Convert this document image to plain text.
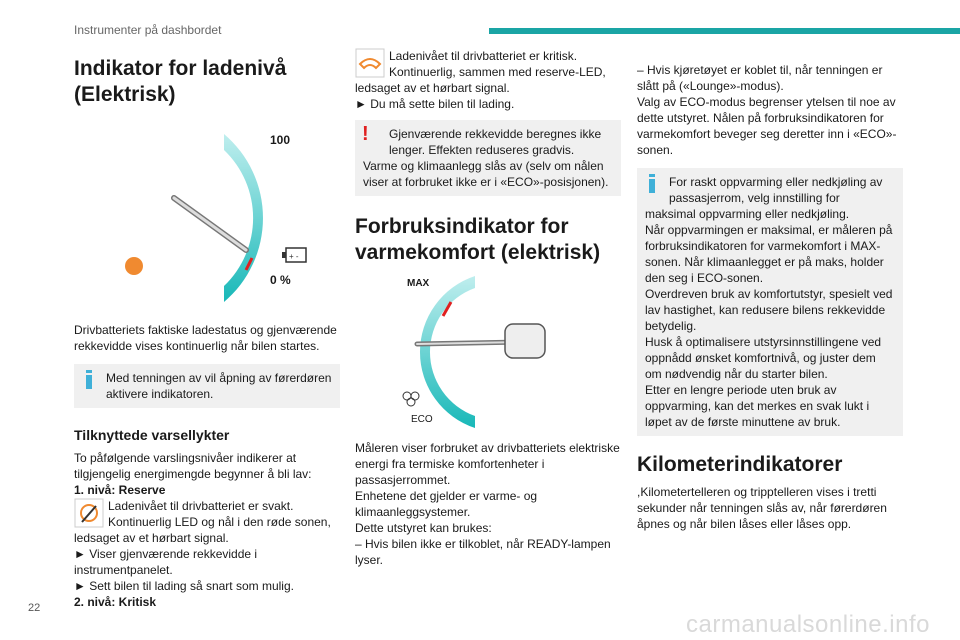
Instrumenter på dashbordet
Indikator for ladenivå (Elektrisk)
100
0 %
+ -

Drivbatteriets faktiske ladestatus og gjenværende rekkevidde vises kontinuerlig når bilen startes.

Med tenningen av vil åpning av førerdøren aktivere indikatoren.

Tilknyttede varsellykter

To påfølgende varslingsnivåer indikerer at tilgjengelig energimengde begynner å bli lav:

1. nivå: Reserve

Ladenivået til drivbatteriet er svakt.

Kontinuerlig LED og nål i den røde sonen,

ledsaget av et hørbart signal.

► Viser gjenværende rekkevidde i instrumentpanelet.

► Sett bilen til lading så snart som mulig.

2. nivå: Kritisk

Ladenivået til drivbatteriet er kritisk.

Kontinuerlig, sammen med reserve-LED,

ledsaget av et hørbart signal.

► Du må sette bilen til lading.

!	Gjenværende rekkevidde beregnes ikke

lenger. Effekten reduseres gradvis.

Varme og klimaanlegg slås av (selv om nålen viser at forbruket ikke er i «ECO»-posisjonen).

Forbruksindikator for varmekomfort (elektrisk)
MAX
ECO

Måleren viser forbruket av drivbatteriets elektriske energi fra termiske komfortenheter i passasjerrommet.

Enhetene det gjelder er varme- og klimaanleggsystemer.

Dette utstyret kan brukes:

– Hvis bilen ikke er tilkoblet, når READY-lampen lyser.

– Hvis kjøretøyet er koblet til, når tenningen er slått på («Lounge»-modus).

Valg av ECO-modus begrenser ytelsen til noe av dette utstyret. Nålen på forbruksindikatoren for varmekomfort beveger seg deretter inn i «ECO»-sonen.

For raskt oppvarming eller nedkjøling av

passasjerrom, velg innstilling for

maksimal oppvarming eller nedkjøling.

Når oppvarmingen er maksimal, er måleren på forbruksindikatoren for varmekomfort i MAX-sonen. Når klimaanlegget er på maks, holder den seg i ECO-sonen.

Overdreven bruk av komfortutstyr, spesielt ved lav hastighet, kan redusere bilens rekkevidde betydelig.

Husk å optimalisere utstyrsinnstillingene ved oppnådd ønsket komfortnivå, og juster dem om nødvendig når du starter bilen.

Etter en lengre periode uten bruk av oppvarming, kan det merkes en svak lukt i løpet av de første minuttene av bruk.

Kilometerindikatorer

,Kilometertelleren og tripptelleren vises i tretti sekunder når tenningen slås av, når førerdøren åpnes og når bilen låses eller låses opp.

22
carmanualsonline.info
